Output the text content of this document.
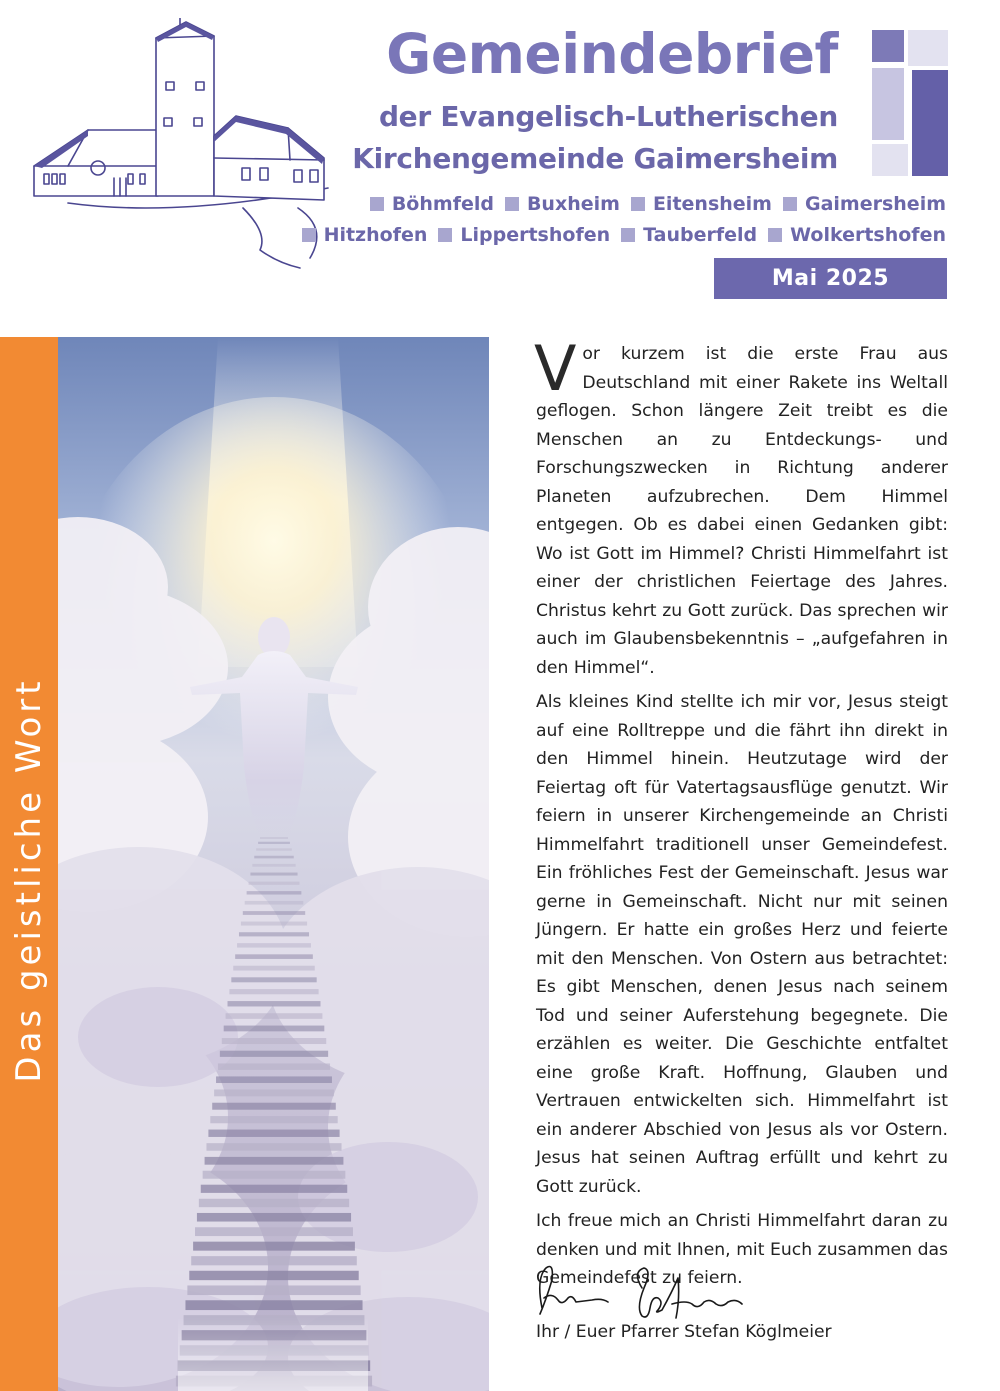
Gemeindebrief
der Evangelisch-Lutherischen
Kirchengemeinde Gaimersheim
Böhmfeld Buxheim Eitensheim Gaimersheim
Hitzhofen Lippertshofen Tauberfeld Wolkertshofen
Mai 2025
Das geistliche Wort

Vor kurzem ist die erste Frau aus Deutschland mit einer Rakete ins Weltall geflogen. Schon längere Zeit treibt es die Menschen an zu Entdeckungs- und Forschungszwecken in Richtung anderer Planeten aufzubrechen. Dem Himmel entgegen. Ob es dabei einen Gedanken gibt: Wo ist Gott im Himmel? Christi Himmelfahrt ist einer der christlichen Feiertage des Jahres. Christus kehrt zu Gott zurück. Das sprechen wir auch im Glaubensbekenntnis – „aufgefahren in den Himmel“.

Als kleines Kind stellte ich mir vor, Jesus steigt auf eine Rolltreppe und die fährt ihn direkt in den Himmel hinein. Heutzutage wird der Feiertag oft für Vatertagsausflüge genutzt. Wir feiern in unserer Kirchengemeinde an Christi Himmelfahrt traditionell unser Gemeindefest. Ein fröhliches Fest der Gemeinschaft. Jesus war gerne in Gemeinschaft. Nicht nur mit seinen Jüngern. Er hatte ein großes Herz und feierte mit den Menschen. Von Ostern aus betrachtet: Es gibt Menschen, denen Jesus nach seinem Tod und seiner Auferstehung begegnete. Die erzählen es weiter. Die Geschichte entfaltet eine große Kraft. Hoffnung, Glauben und Vertrauen entwickelten sich. Himmelfahrt ist ein anderer Abschied von Jesus als vor Ostern. Jesus hat seinen Auftrag erfüllt und kehrt zu Gott zurück.

Ich freue mich an Christi Himmelfahrt daran zu denken und mit Ihnen, mit Euch zusammen das Gemeindefest zu feiern.

Ihr / Euer Pfarrer Stefan Köglmeier
